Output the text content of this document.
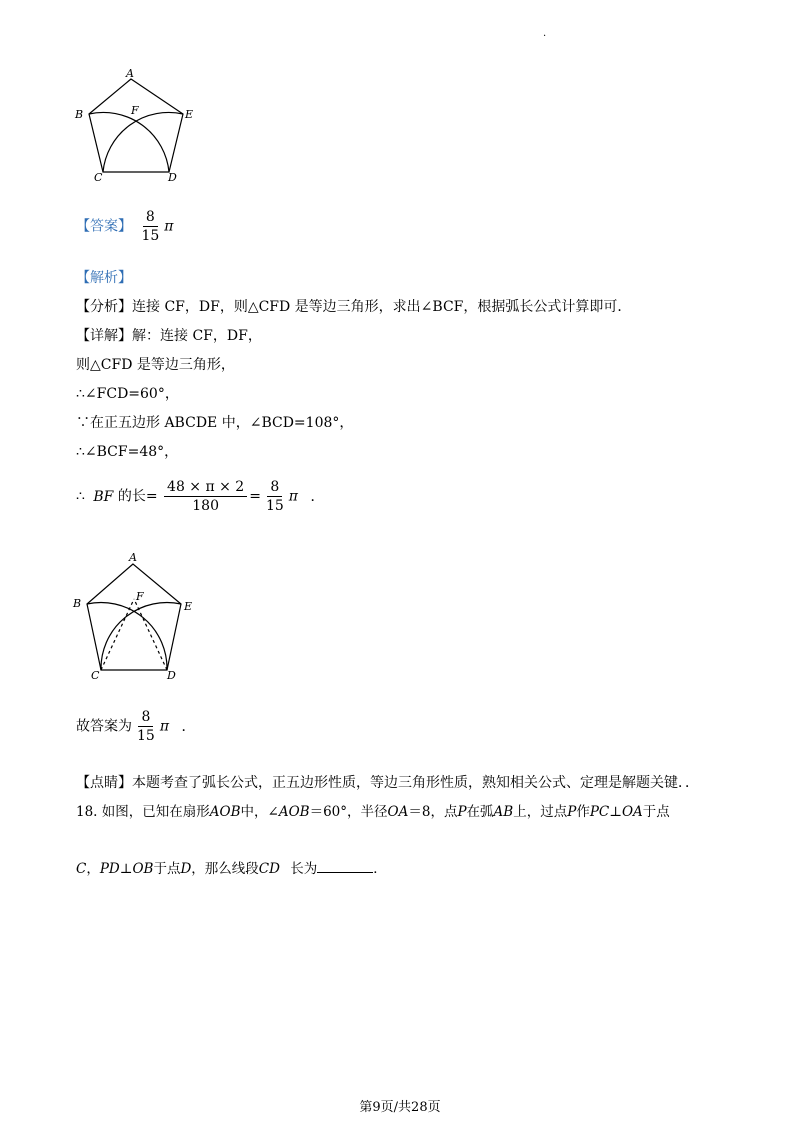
.
A
B	F	E
C	D
【答案】 $\frac{8}{15}$ π
【解析】
【分析】连接 CF，DF，则△CFD 是等边三角形，求出∠BCF，根据弧长公式计算即可．
【详解】解：连接 CF，DF，
则△CFD 是等边三角形，
∴∠FCD=60°，
∵在正五边形 ABCDE 中，∠BCD=108°，
∴∠BCF=48°，
∴ BF 的长= $\frac{48 \times \pi \times 2}{180} = \frac{8}{15}$ π ．
A
B
F
E
C	D
故答案为 $\frac{8}{15}$ π ．
【点睛】本题考查了弧长公式，正五边形性质，等边三角形性质，熟知相关公式、定理是解题关键．．
18. 如图，已知在扇形AOB中，∠AOB＝60°，半径OA＝8，点P在弧AB上，过点P作PC⊥OA于点
C，PD⊥OB于点D，那么线段CD 长为	．
第9页/共28页
